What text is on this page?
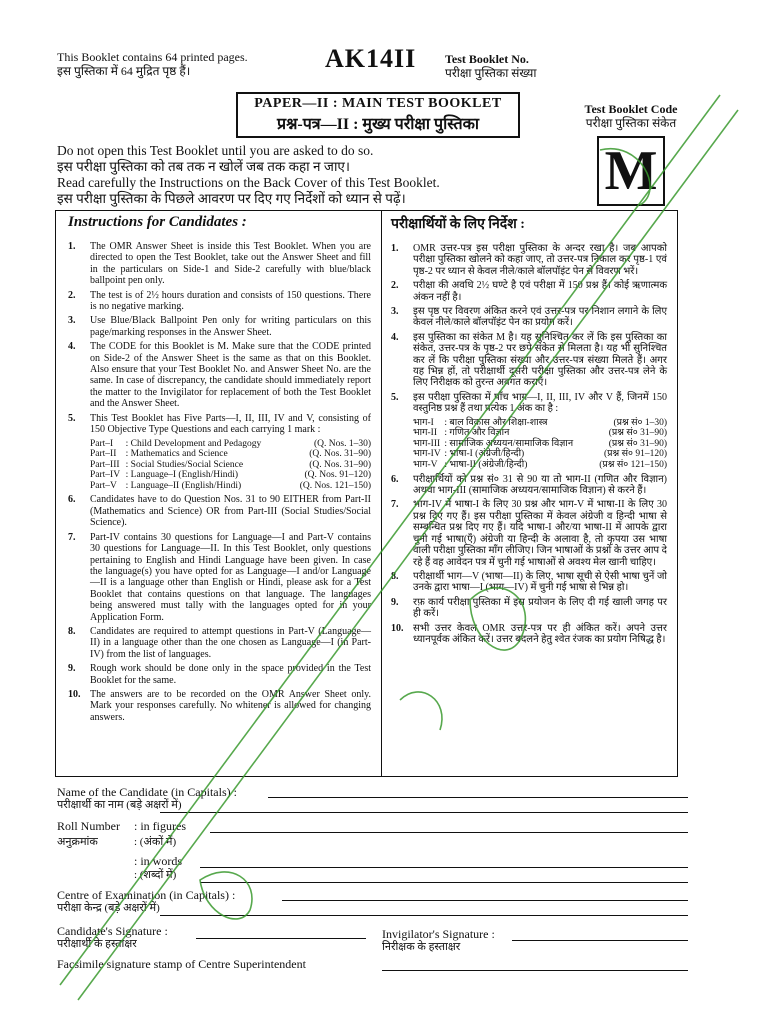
This Booklet contains 64 printed pages.
इस पुस्तिका में 64 मुद्रित पृष्ठ हैं।	AK14II Test Booklet No.
परीक्षा पुस्तिका संख्या
PAPER—II : MAIN TEST BOOKLET
प्रश्न-पत्र—II : मुख्य परीक्षा पुस्तिका
Test Booklet Code
परीक्षा पुस्तिका संकेत
M
Do not open this Test Booklet until you are asked to do so.
इस परीक्षा पुस्तिका को तब तक न खोलें जब तक कहा न जाए।
Read carefully the Instructions on the Back Cover of this Test Booklet.
इस परीक्षा पुस्तिका के पिछले आवरण पर दिए गए निर्देशों को ध्यान से पढ़ें।
Instructions for Candidates :
1. The OMR Answer Sheet is inside this Test Booklet. When you are directed to open the Test Booklet, take out the Answer Sheet and fill in the particulars on Side-1 and Side-2 carefully with blue/black ballpoint pen only.
2. The test is of 2½ hours duration and consists of 150 questions. There is no negative marking.
3. Use Blue/Black Ballpoint Pen only for writing particulars on this page/marking responses in the Answer Sheet.
4. The CODE for this Booklet is M. Make sure that the CODE printed on Side-2 of the Answer Sheet is the same as that on this Booklet. Also ensure that your Test Booklet No. and Answer Sheet No. are the same. In case of discrepancy, the candidate should immediately report the matter to the Invigilator for replacement of both the Test Booklet and the Answer Sheet.
5. This Test Booklet has Five Parts—I, II, III, IV and V, consisting of 150 Objective Type Questions and each carrying 1 mark :
Part–I	: Child Development and Pedagogy	(Q. Nos. 1–30)
Part–II	: Mathematics and Science	(Q. Nos. 31–90)
Part–III	: Social Studies/Social Science	(Q. Nos. 31–90)
Part–IV	: Language–I (English/Hindi)	(Q. Nos. 91–120)
Part–V	: Language–II (English/Hindi)	(Q. Nos. 121–150)
6. Candidates have to do Question Nos. 31 to 90 EITHER from Part-II (Mathematics and Science) OR from Part-III (Social Studies/Social Science).
7. Part-IV contains 30 questions for Language—I and Part-V contains 30 questions for Language—II. In this Test Booklet, only questions pertaining to English and Hindi Language have been given. In case the language(s) you have opted for as Language—I and/or Language—II is a language other than English or Hindi, please ask for a Test Booklet that contains questions on that language. The languages being answered must tally with the languages opted for in your Application Form.
8. Candidates are required to attempt questions in Part-V (Language—II) in a language other than the one chosen as Language—I (in Part-IV) from the list of languages.
9. Rough work should be done only in the space provided in the Test Booklet for the same.
10. The answers are to be recorded on the OMR Answer Sheet only. Mark your responses carefully. No whitener is allowed for changing answers.
परीक्षार्थियों के लिए निर्देश :
1. OMR उत्तर-पत्र इस परीक्षा पुस्तिका के अन्दर रखा है। जब आपको परीक्षा पुस्तिका खोलने को कहा जाए, तो उत्तर-पत्र निकाल कर पृष्ठ-1 एवं पृष्ठ-2 पर ध्यान से केवल नीले/काले बॉलपॉइंट पेन से विवरण भरें।
2. परीक्षा की अवधि 2½ घण्टे है एवं परीक्षा में 150 प्रश्न हैं। कोई ऋणात्मक अंकन नहीं है।
3. इस पृष्ठ पर विवरण अंकित करने एवं उत्तर-पत्र पर निशान लगाने के लिए केवल नीले/काले बॉलपॉइंट पेन का प्रयोग करें।
4. इस पुस्तिका का संकेत M है। यह सुनिश्चित कर लें कि इस पुस्तिका का संकेत, उत्तर-पत्र के पृष्ठ-2 पर छपे संकेत से मिलता है। यह भी सुनिश्चित कर लें कि परीक्षा पुस्तिका संख्या और उत्तर-पत्र संख्या मिलते हैं। अगर यह भिन्न हों, तो परीक्षार्थी दूसरी परीक्षा पुस्तिका और उत्तर-पत्र लेने के लिए निरीक्षक को तुरन्त अवगत कराएँ।
5. इस परीक्षा पुस्तिका में पाँच भाग—I, II, III, IV और V हैं, जिनमें 150 वस्तुनिष्ठ प्रश्न हैं तथा प्रत्येक 1 अंक का है :
भाग-I	: बाल विकास और शिक्षा-शास्त्र	(प्रश्न सं० 1–30)
भाग-II	: गणित और विज्ञान	(प्रश्न सं० 31–90)
भाग-III	: सामाजिक अध्ययन/सामाजिक विज्ञान	(प्रश्न सं० 31–90)
भाग-IV	: भाषा-I (अंग्रेजी/हिन्दी)	(प्रश्न सं० 91–120)
भाग-V	: भाषा-II (अंग्रेजी/हिन्दी)	(प्रश्न सं० 121–150)
6. परीक्षार्थियों को प्रश्न सं० 31 से 90 या तो भाग-II (गणित और विज्ञान) अथवा भाग-III (सामाजिक अध्ययन/सामाजिक विज्ञान) से करने हैं।
7. भाग-IV में भाषा-I के लिए 30 प्रश्न और भाग-V में भाषा-II के लिए 30 प्रश्न दिए गए हैं। इस परीक्षा पुस्तिका में केवल अंग्रेजी व हिन्दी भाषा से सम्बन्धित प्रश्न दिए गए हैं। यदि भाषा-I और/या भाषा-II में आपके द्वारा चुनी गई भाषा(एँ) अंग्रेजी या हिन्दी के अलावा है, तो कृपया उस भाषा वाली परीक्षा पुस्तिका माँग लीजिए। जिन भाषाओं के प्रश्नों के उत्तर आप दे रहे हैं वह आवेदन पत्र में चुनी गई भाषाओं से अवश्य मेल खानी चाहिए।
8. परीक्षार्थी भाग—V (भाषा—II) के लिए, भाषा सूची से ऐसी भाषा चुनें जो उनके द्वारा भाषा—I (भाग—IV) में चुनी गई भाषा से भिन्न हो।
9. रफ़ कार्य परीक्षा पुस्तिका में इस प्रयोजन के लिए दी गई खाली जगह पर ही करें।
10. सभी उत्तर केवल OMR उत्तर-पत्र पर ही अंकित करें। अपने उत्तर ध्यानपूर्वक अंकित करें। उत्तर बदलने हेतु श्वेत रंजक का प्रयोग निषिद्ध है।
Name of the Candidate (in Capitals) :
परीक्षार्थी का नाम (बड़े अक्षरों में)
Roll Number : in figures
अनुक्रमांक	: (अंकों में)
: in words
: (शब्दों में)
Centre of Examination (in Capitals) :
परीक्षा केन्द्र (बड़े अक्षरों में)
Candidate's Signature :
परीक्षार्थी के हस्ताक्षर
Invigilator's Signature :
निरीक्षक के हस्ताक्षर
Facsimile signature stamp of Centre Superintendent
